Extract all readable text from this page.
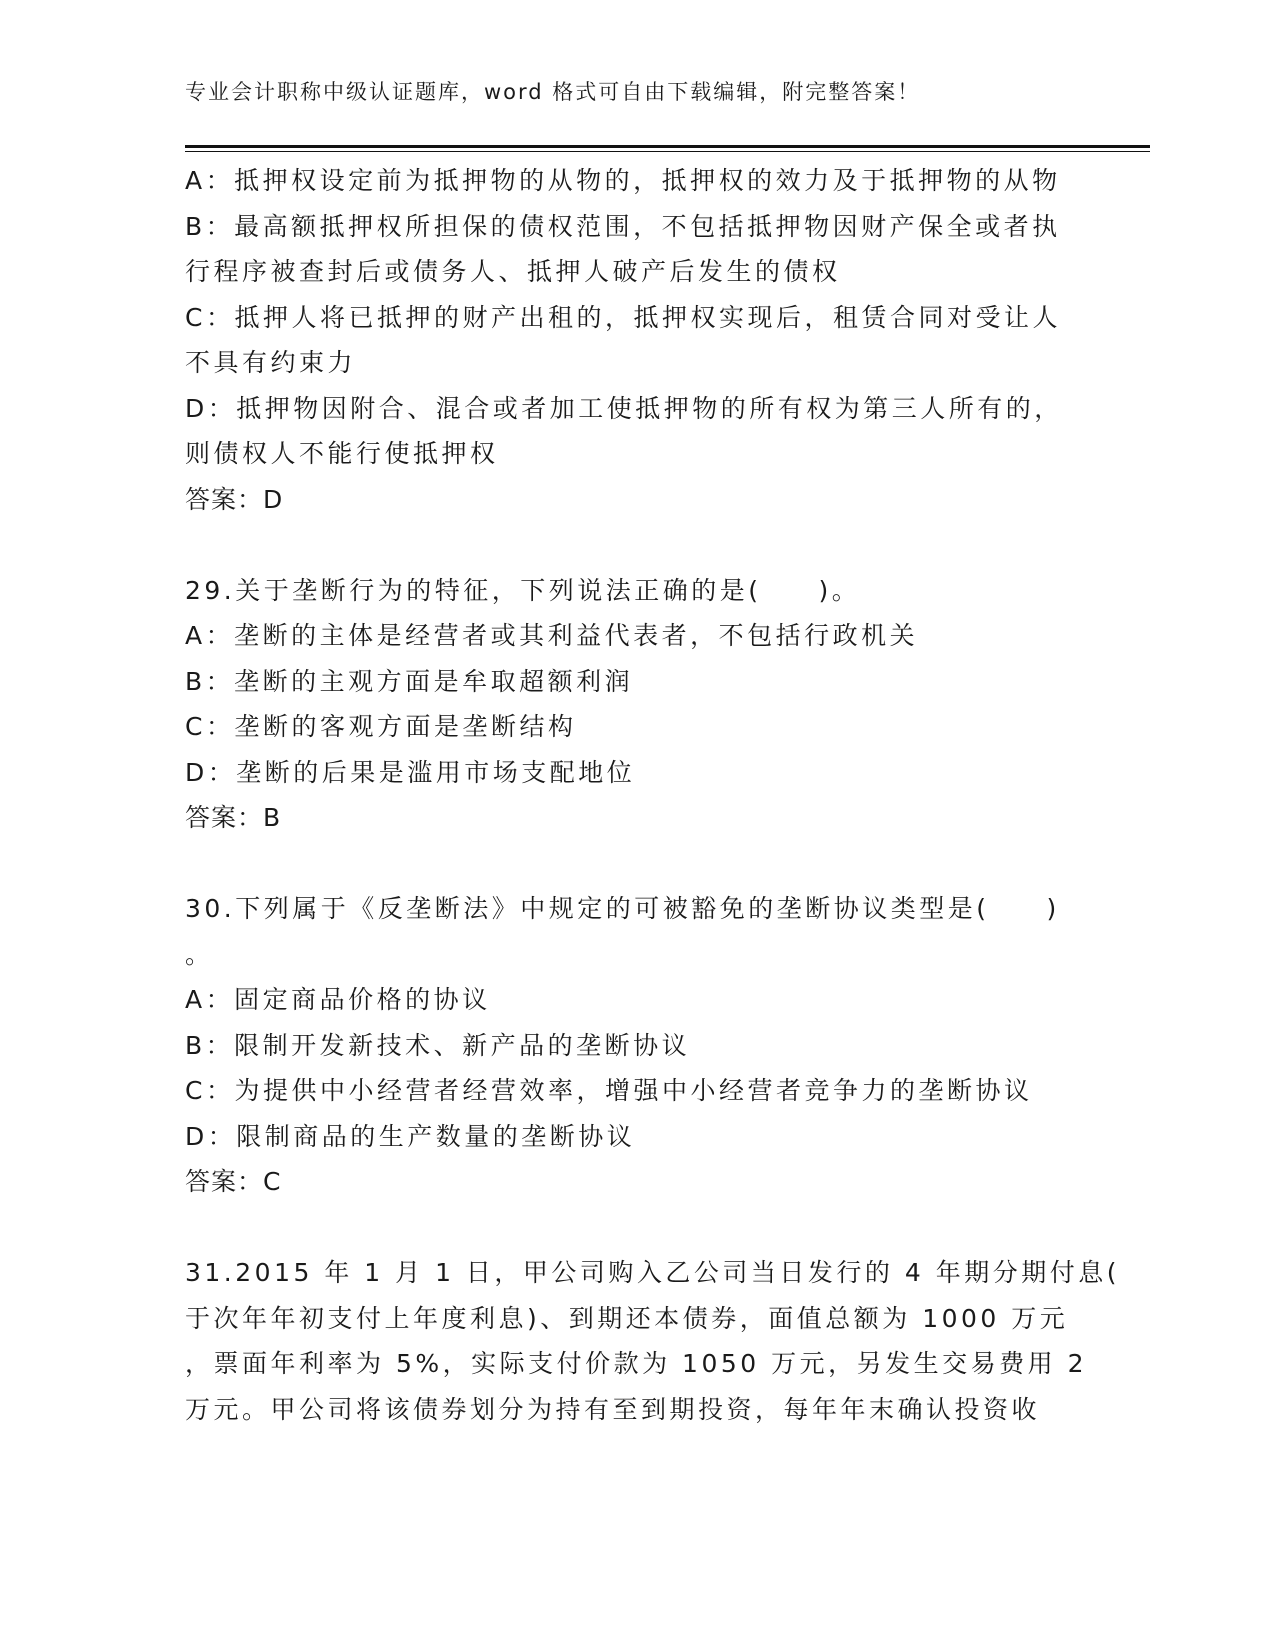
专业会计职称中级认证题库，word 格式可自由下载编辑，附完整答案！
A：抵押权设定前为抵押物的从物的，抵押权的效力及于抵押物的从物
B：最高额抵押权所担保的债权范围，不包括抵押物因财产保全或者执
行程序被查封后或债务人、抵押人破产后发生的债权
C：抵押人将已抵押的财产出租的，抵押权实现后，租赁合同对受让人
不具有约束力
D：抵押物因附合、混合或者加工使抵押物的所有权为第三人所有的，
则债权人不能行使抵押权
答案：D
29.关于垄断行为的特征，下列说法正确的是(　　)。
A：垄断的主体是经营者或其利益代表者，不包括行政机关
B：垄断的主观方面是牟取超额利润
C：垄断的客观方面是垄断结构
D：垄断的后果是滥用市场支配地位
答案：B
30.下列属于《反垄断法》中规定的可被豁免的垄断协议类型是(　　)
。
A：固定商品价格的协议
B：限制开发新技术、新产品的垄断协议
C：为提供中小经营者经营效率，增强中小经营者竞争力的垄断协议
D：限制商品的生产数量的垄断协议
答案：C
31.2015 年 1 月 1 日，甲公司购入乙公司当日发行的 4 年期分期付息(
于次年年初支付上年度利息)、到期还本债券，面值总额为 1000 万元
，票面年利率为 5%，实际支付价款为 1050 万元，另发生交易费用 2
万元。甲公司将该债券划分为持有至到期投资，每年年末确认投资收
